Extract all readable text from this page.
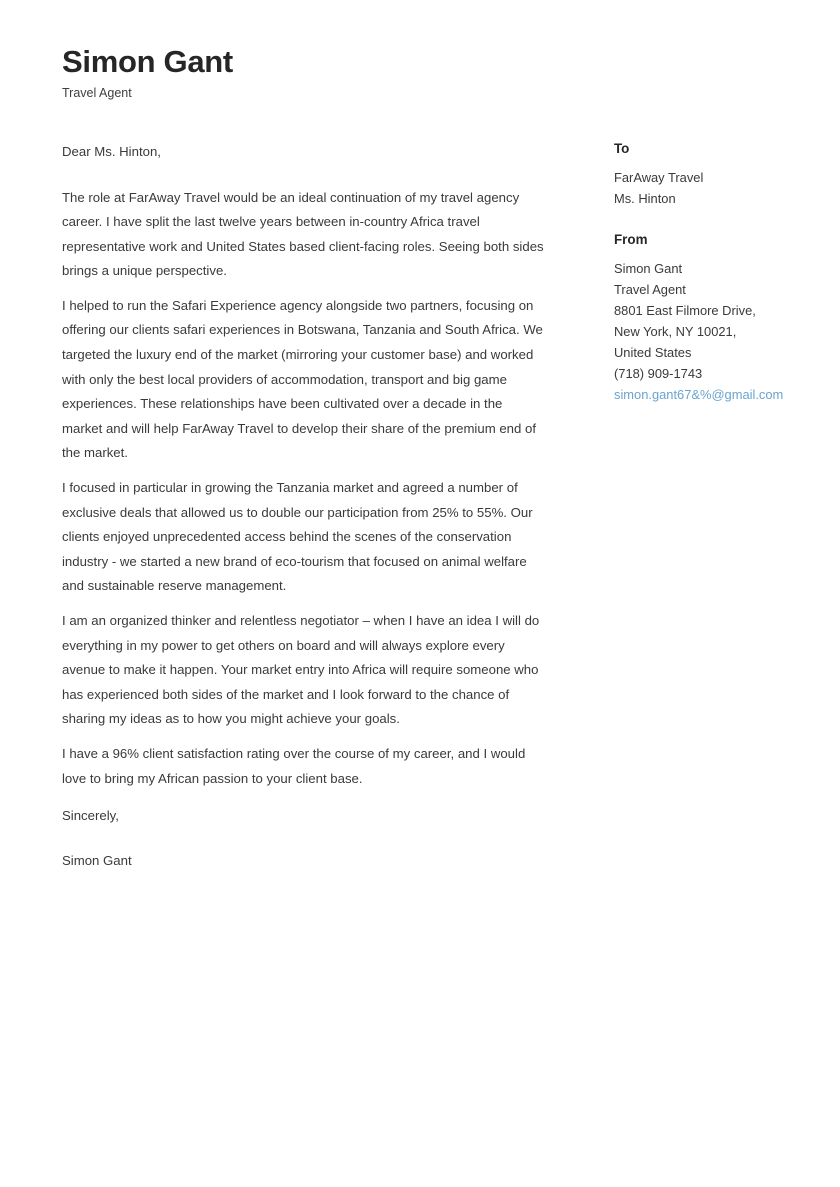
Simon Gant

Travel Agent

Dear Ms. Hinton,

The role at FarAway Travel would be an ideal continuation of my travel agency career. I have split the last twelve years between in-country Africa travel representative work and United States based client-facing roles. Seeing both sides brings a unique perspective.

I helped to run the Safari Experience agency alongside two partners, focusing on offering our clients safari experiences in Botswana, Tanzania and South Africa. We targeted the luxury end of the market (mirroring your customer base) and worked with only the best local providers of accommodation, transport and big game experiences. These relationships have been cultivated over a decade in the market and will help FarAway Travel to develop their share of the premium end of the market.

I focused in particular in growing the Tanzania market and agreed a number of exclusive deals that allowed us to double our participation from 25% to 55%. Our clients enjoyed unprecedented access behind the scenes of the conservation industry - we started a new brand of eco-tourism that focused on animal welfare and sustainable reserve management.

I am an organized thinker and relentless negotiator – when I have an idea I will do everything in my power to get others on board and will always explore every avenue to make it happen. Your market entry into Africa will require someone who has experienced both sides of the market and I look forward to the chance of sharing my ideas as to how you might achieve your goals.

I have a 96% client satisfaction rating over the course of my career, and I would love to bring my African passion to your client base.

Sincerely,

Simon Gant

To

FarAway Travel

Ms. Hinton

From

Simon Gant

Travel Agent

8801 East Filmore Drive,

New York, NY 10021,

United States

(718) 909-1743

simon.gant67&%@gmail.com
